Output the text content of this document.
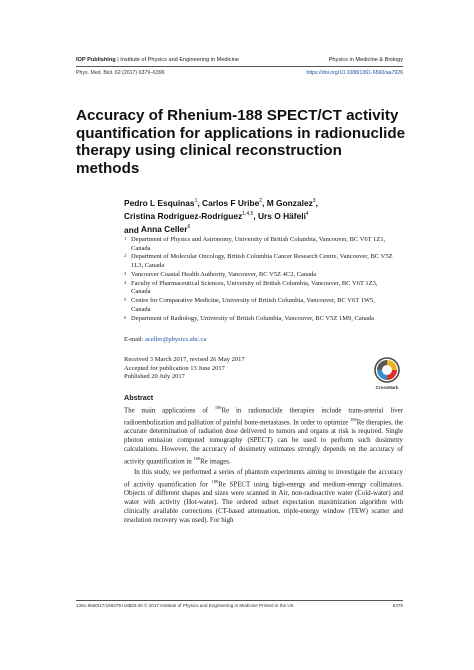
IOP Publishing | Institute of Physics and Engineering in Medicine	Physics in Medicine & Biology
Phys. Med. Biol. 62 (2017) 6379–6396	https://doi.org/10.1088/1361-6560/aa7926
Accuracy of Rhenium-188 SPECT/CT activity quantification for applications in radionuclide therapy using clinical reconstruction methods
Pedro L Esquinas$^1$, Carlos F Uribe$^2$, M Gonzalez$^3$,
Cristina Rodríguez-Rodríguez$^{1,4,5}$, Urs O Häfeli$^4$
and Anna Celler$^6$
1 Department of Physics and Astronomy, University of British Columbia, Vancouver, BC V6T 1Z1, Canada
2 Department of Molecular Oncology, British Columbia Cancer Research Centre, Vancouver, BC V5Z 1L3, Canada
3 Vancouver Coastal Health Authority, Vancouver, BC V5Z 4C2, Canada
4 Faculty of Pharmaceutical Sciences, University of British Columbia, Vancouver, BC V6T 1Z3, Canada
5 Centre for Comparative Medicine, University of British Columbia, Vancouver, BC V6T 1W5, Canada
6 Department of Radiology, University of British Columbia, Vancouver, BC V5Z 1M9, Canada
E-mail: aceller@physics.ubc.ca
Received 3 March 2017, revised 26 May 2017
Accepted for publication 13 June 2017
Published 20 July 2017
CrossMark
Abstract

The main applications of $^{188}$Re in radionuclide therapies include trans-arterial liver radioembolization and palliation of painful bone-metastases. In order to optimize $^{188}$Re therapies, the accurate determination of radiation dose delivered to tumors and organs at risk is required. Single photon emission computed tomography (SPECT) can be used to perform such dosimetry calculations. However, the accuracy of dosimetry estimates strongly depends on the accuracy of activity quantification in $^{188}$Re images.

In this study, we performed a series of phantom experiments aiming to investigate the accuracy of activity quantification for $^{188}$Re SPECT using high-energy and medium-energy collimators. Objects of different shapes and sizes were scanned in Air, non-radioactive water (Cold-water) and water with activity (Hot-water). The ordered subset expectation maximization algorithm with clinically available corrections (CT-based attenuation, triple-energy window (TEW) scatter and resolution recovery was used). For high

1361-6560/17/166379+18$33.00 © 2017 Institute of Physics and Engineering in Medicine Printed in the UK	6379
